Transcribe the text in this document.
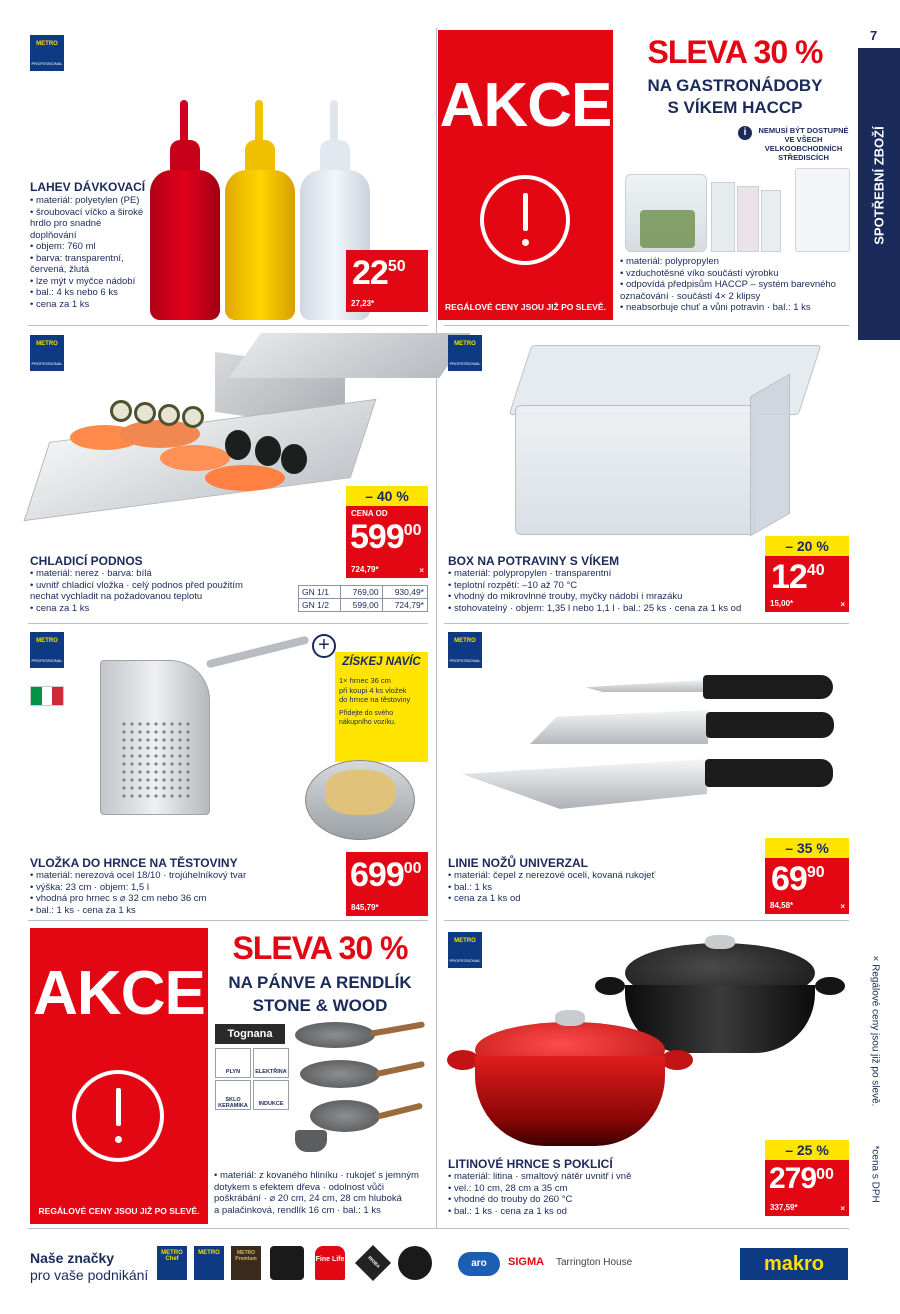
7
SPOTŘEBNÍ ZBOŽÍ
METRO
PROFESSIONAL
LAHEV DÁVKOVACÍ
• materiál: polyetylen (PE)
• šroubovací víčko a široké
hrdlo pro snadné
doplňování
• objem: 760 ml
• barva: transparentní,
červená, žlutá
• lze mýt v myčce nádobí
• bal.: 4 ks nebo 6 ks
• cena za 1 ks
2250
27,23*
AKCE
REGÁLOVÉ CENY JSOU JIŽ PO SLEVĚ.
SLEVA 30 %
NA GASTRONÁDOBY
S VÍKEM HACCP
i	NEMUSÍ BÝT DOSTUPNÉ VE VŠECH VELKOOBCHODNÍCH STŘEDISCÍCH
• materiál: polypropylen
• vzduchotěsné víko součástí výrobku
• odpovídá předpisům HACCP – systém barevného
označování · součástí 4× 2 klipsy
• neabsorbuje chuť a vůni potravin · bal.: 1 ks
METRO
PROFESSIONAL
– 40 %
CENA OD
59900
724,79*	×
CHLADICÍ PODNOS
• materiál: nerez · barva: bílá
• uvnitř chladicí vložka · celý podnos před použitím
nechat vychladit na požadovanou teplotu
• cena za 1 ks
GN 1/1	769,00	930,49*
GN 1/2	599,00	724,79*
METRO
PROFESSIONAL
BOX NA POTRAVINY S VÍKEM
• materiál: polypropylen · transparentní
• teplotní rozpětí: –10 až 70 °C
• vhodný do mikrovlnné trouby, myčky nádobí i mrazáku
• stohovatelný · objem: 1,35 l nebo 1,1 l · bal.: 25 ks · cena za 1 ks od
– 20 %
1240
15,00*	×
METRO
PROFESSIONAL
+
ZÍSKEJ NAVÍC
1× hrnec 36 cm
při koupi 4 ks vložek
do hrnce na těstoviny
Přidejte do svého
nákupního vozíku.
VLOŽKA DO HRNCE NA TĚSTOVINY
• materiál: nerezová ocel 18/10 · trojúhelníkový tvar
• výška: 23 cm · objem: 1,5 l
• vhodná pro hrnec s ⌀ 32 cm nebo 36 cm
• bal.: 1 ks · cena za 1 ks
69900
845,79*
METRO
PROFESSIONAL
LINIE NOŽŮ UNIVERZAL
• materiál: čepel z nerezové oceli, kovaná rukojeť
• bal.: 1 ks
• cena za 1 ks od
– 35 %
6990
84,58*	×
AKCE
REGÁLOVÉ CENY JSOU JIŽ PO SLEVĚ.
SLEVA 30 %
NA PÁNVE A RENDLÍK
STONE & WOOD
Tognana
PLYN	ELEKTŘINA
SKLO KERAMIKA	INDUKCE
• materiál: z kovaného hliníku · rukojeť s jemným
dotykem s efektem dřeva · odolnost vůči
poškrábání · ⌀ 20 cm, 24 cm, 28 cm hluboká
a palačinková, rendlík 16 cm · bal.: 1 ks
METRO
PROFESSIONAL
LITINOVÉ HRNCE S POKLICÍ
• materiál: litina · smaltový nátěr uvnitř i vně
• vel.: 10 cm, 28 cm a 35 cm
• vhodné do trouby do 260 °C
• bal.: 1 ks · cena za 1 ks od
– 25 %
27900
337,59*	×
× Regálové ceny jsou již po slevě.
*cena s DPH
Naše značky
pro vaše podnikání
METRO Chef
METRO	METRO Premium	Fine Life	RIOBA	aro	SIGMA Tarrington House	makro
